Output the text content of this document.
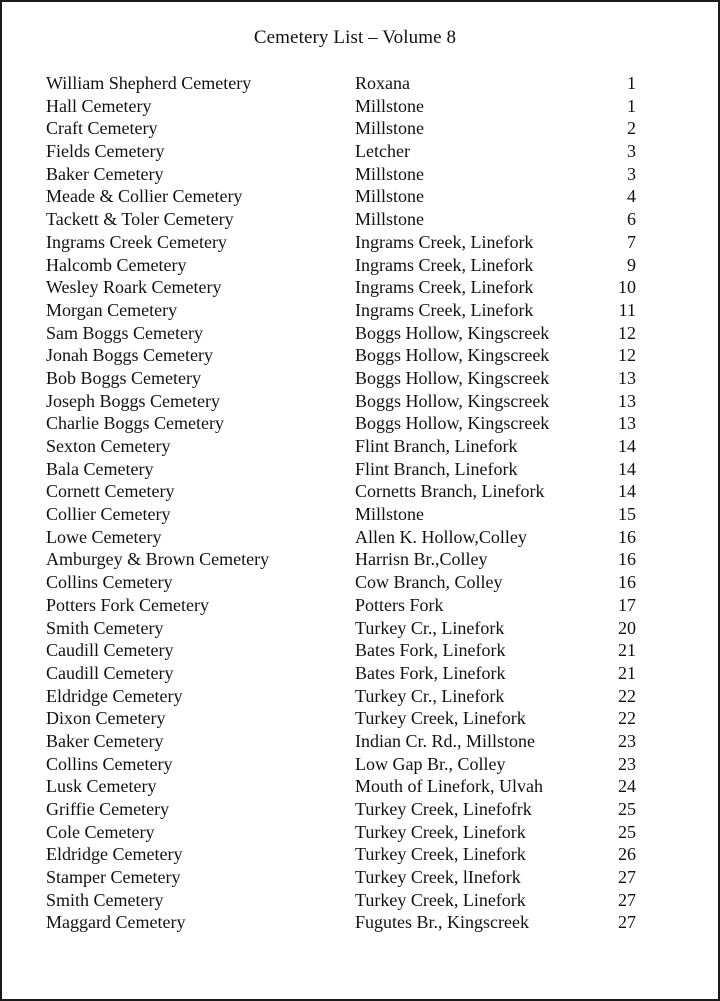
Cemetery List – Volume 8
William Shepherd Cemetery	Roxana	1
Hall Cemetery	Millstone	1
Craft Cemetery	Millstone	2
Fields Cemetery	Letcher	3
Baker Cemetery	Millstone	3
Meade & Collier Cemetery	Millstone	4
Tackett & Toler Cemetery	Millstone	6
Ingrams Creek Cemetery	Ingrams Creek, Linefork	7
Halcomb Cemetery	Ingrams Creek, Linefork	9
Wesley Roark Cemetery	Ingrams Creek, Linefork	10
Morgan Cemetery	Ingrams Creek, Linefork	11
Sam Boggs Cemetery	Boggs Hollow, Kingscreek	12
Jonah Boggs Cemetery	Boggs Hollow, Kingscreek	12
Bob Boggs Cemetery	Boggs Hollow, Kingscreek	13
Joseph Boggs Cemetery	Boggs Hollow, Kingscreek	13
Charlie Boggs Cemetery	Boggs Hollow, Kingscreek	13
Sexton Cemetery	Flint Branch, Linefork	14
Bala Cemetery	Flint Branch, Linefork	14
Cornett Cemetery	Cornetts Branch, Linefork	14
Collier Cemetery	Millstone	15
Lowe Cemetery	Allen K. Hollow,Colley	16
Amburgey & Brown Cemetery	Harrisn Br.,Colley	16
Collins Cemetery	Cow Branch, Colley	16
Potters Fork Cemetery	Potters Fork	17
Smith Cemetery	Turkey Cr., Linefork	20
Caudill Cemetery	Bates Fork, Linefork	21
Caudill Cemetery	Bates Fork, Linefork	21
Eldridge Cemetery	Turkey Cr., Linefork	22
Dixon Cemetery	Turkey Creek, Linefork	22
Baker Cemetery	Indian Cr. Rd., Millstone	23
Collins Cemetery	Low Gap Br., Colley	23
Lusk Cemetery	Mouth of Linefork, Ulvah	24
Griffie Cemetery	Turkey Creek, Linefofrk	25
Cole Cemetery	Turkey Creek, Linefork	25
Eldridge Cemetery	Turkey Creek, Linefork	26
Stamper Cemetery	Turkey Creek, lInefork	27
Smith Cemetery	Turkey Creek, Linefork	27
Maggard Cemetery	Fugutes Br., Kingscreek	27
